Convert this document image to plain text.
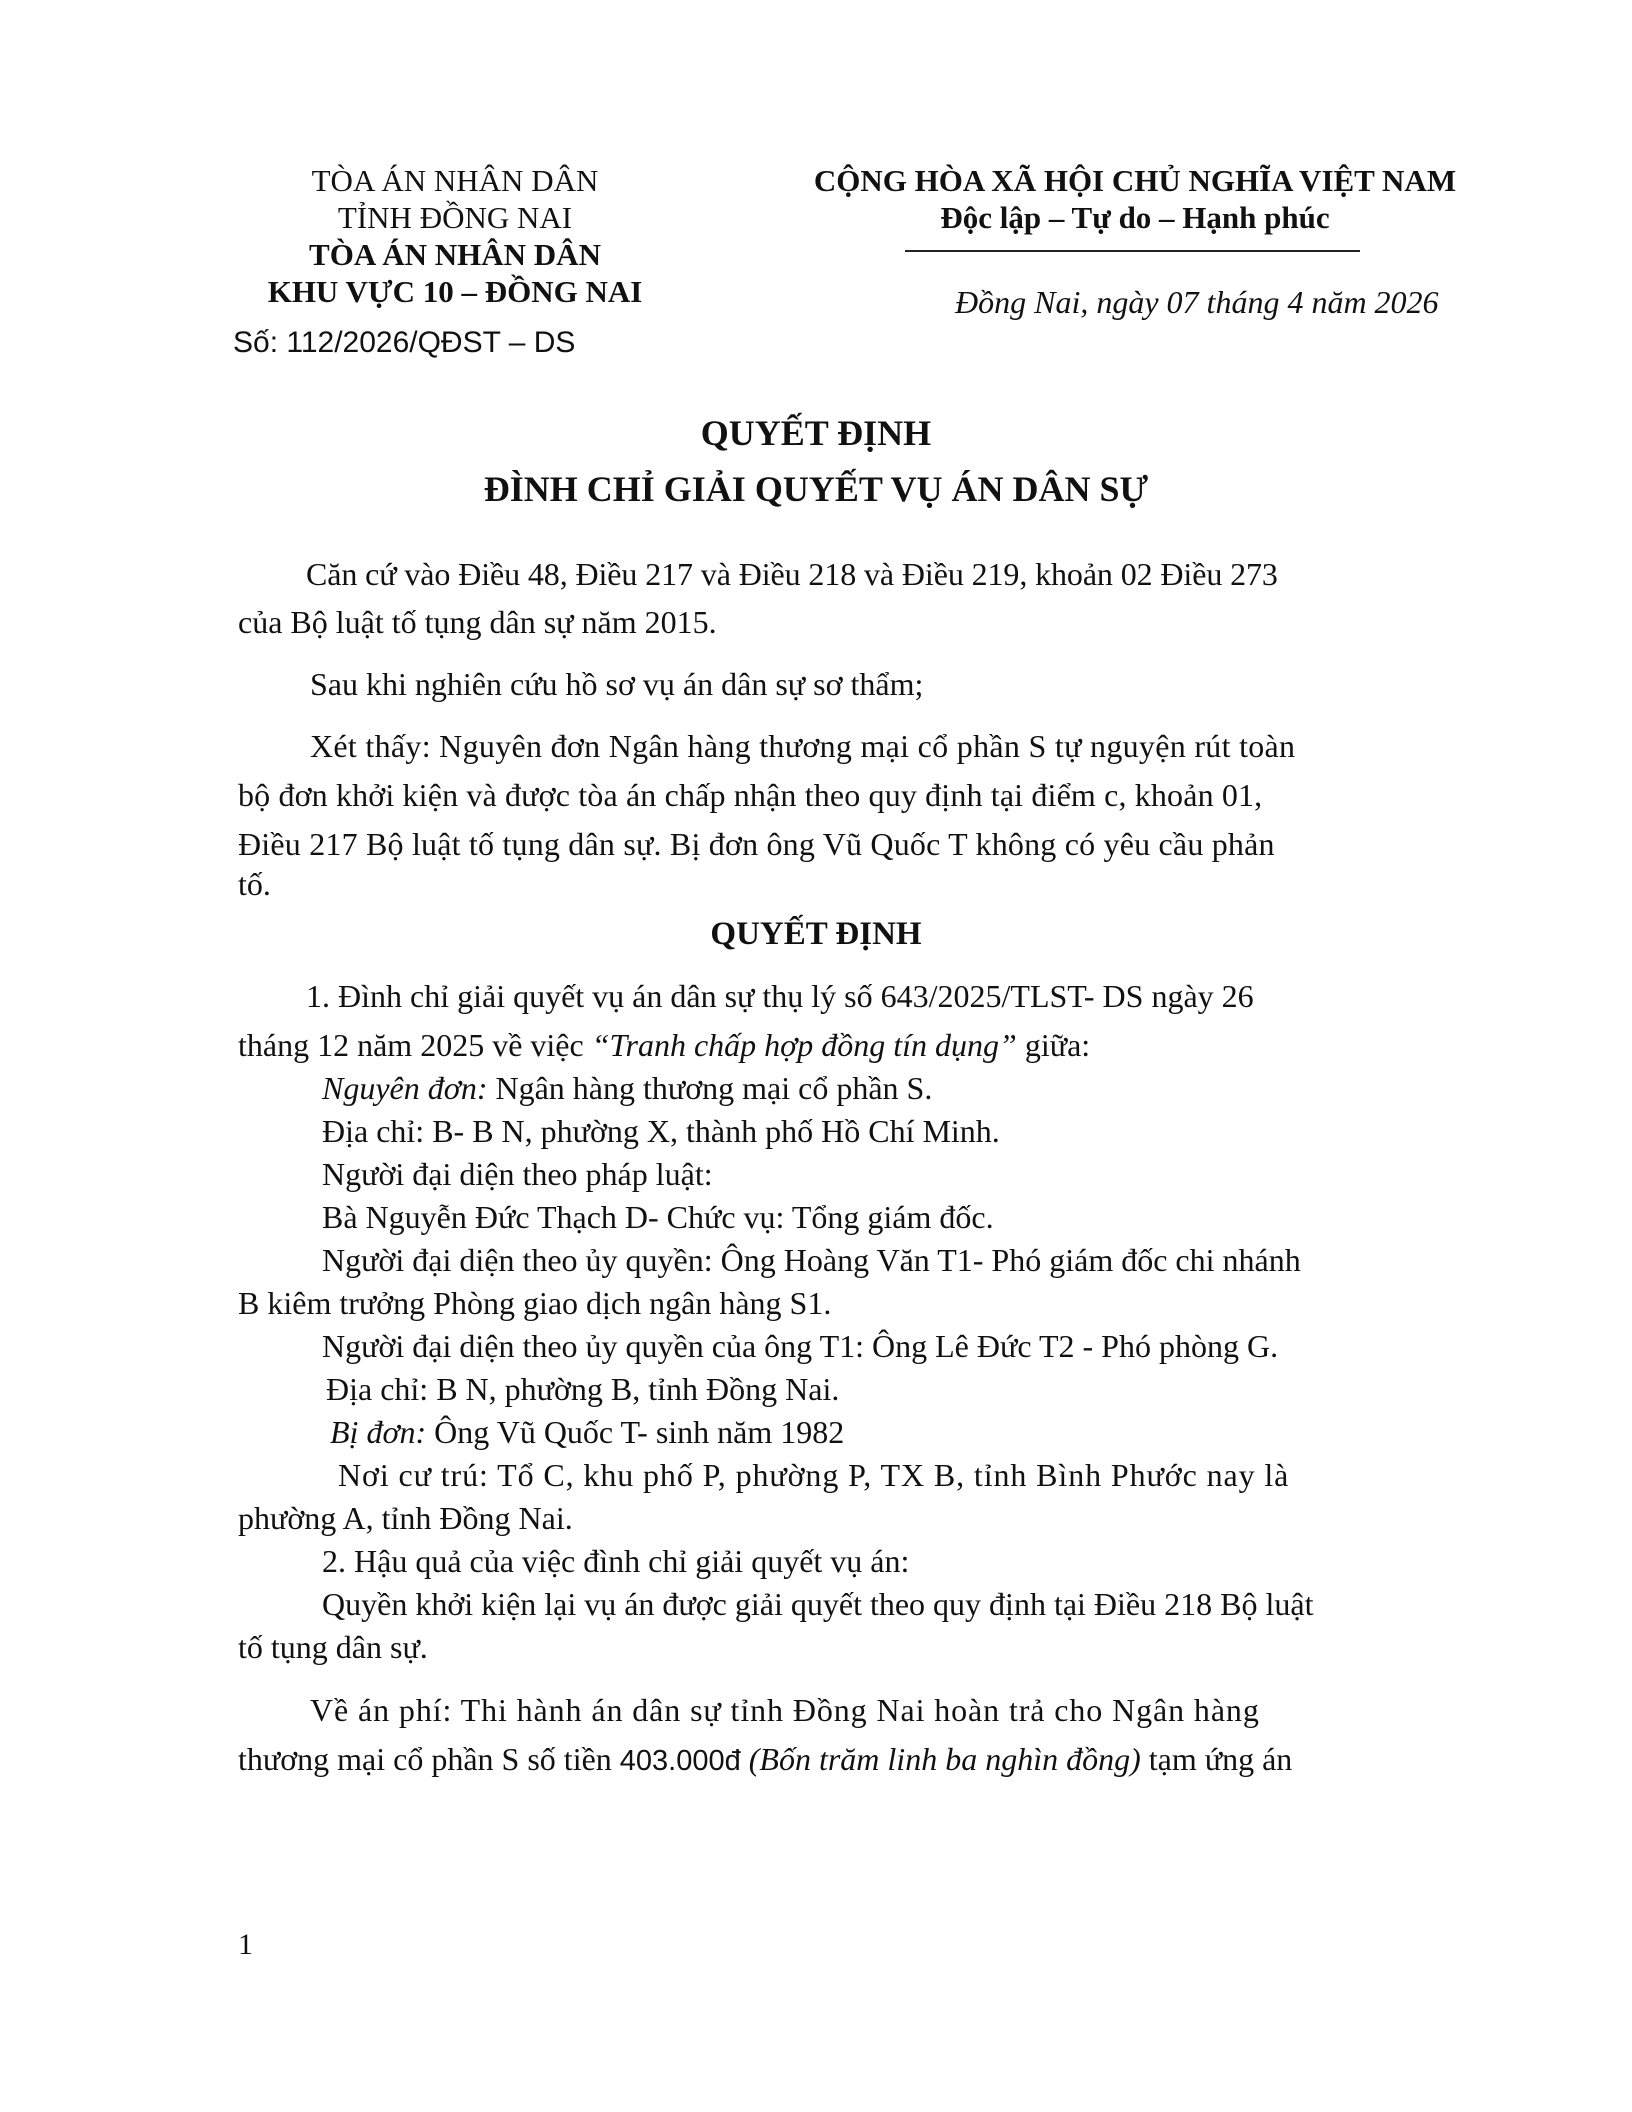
TÒA ÁN NHÂN DÂN
TỈNH ĐỒNG NAI
TÒA ÁN NHÂN DÂN
KHU VỰC 10 – ĐỒNG NAI
Số: 112/2026/QĐST – DS
CỘNG HÒA XÃ HỘI CHỦ NGHĨA VIỆT NAM
Độc lập – Tự do – Hạnh phúc
Đồng Nai, ngày 07 tháng 4 năm 2026
QUYẾT ĐỊNH
ĐÌNH CHỈ GIẢI QUYẾT VỤ ÁN DÂN SỰ
Căn cứ vào Điều 48, Điều 217 và Điều 218 và Điều 219, khoản 02 Điều 273
của Bộ luật tố tụng dân sự năm 2015.
Sau khi nghiên cứu hồ sơ vụ án dân sự sơ thẩm;
Xét thấy: Nguyên đơn Ngân hàng thương mại cổ phần S tự nguyện rút toàn
bộ đơn khởi kiện và được tòa án chấp nhận theo quy định tại điểm c, khoản 01,
Điều 217 Bộ luật tố tụng dân sự. Bị đơn ông Vũ Quốc T không có yêu cầu phản
tố.
QUYẾT ĐỊNH
1. Đình chỉ giải quyết vụ án dân sự thụ lý số 643/2025/TLST- DS ngày 26
tháng 12 năm 2025 về việc “Tranh chấp hợp đồng tín dụng” giữa:
Nguyên đơn: Ngân hàng thương mại cổ phần S.
Địa chỉ: B- B N, phường X, thành phố Hồ Chí Minh.
Người đại diện theo pháp luật:
Bà Nguyễn Đức Thạch D- Chức vụ: Tổng giám đốc.
Người đại diện theo ủy quyền: Ông Hoàng Văn T1- Phó giám đốc chi nhánh
B kiêm trưởng Phòng giao dịch ngân hàng S1.
Người đại diện theo ủy quyền của ông T1: Ông Lê Đức T2 - Phó phòng G.
Địa chỉ: B N, phường B, tỉnh Đồng Nai.
Bị đơn: Ông Vũ Quốc T- sinh năm 1982
Nơi cư trú: Tổ C, khu phố P, phường P, TX B, tỉnh Bình Phước nay là
phường A, tỉnh Đồng Nai.
2. Hậu quả của việc đình chỉ giải quyết vụ án:
Quyền khởi kiện lại vụ án được giải quyết theo quy định tại Điều 218 Bộ luật
tố tụng dân sự.
Về án phí: Thi hành án dân sự tỉnh Đồng Nai hoàn trả cho Ngân hàng
thương mại cổ phần S số tiền 403.000đ (Bốn trăm linh ba nghìn đồng) tạm ứng án
1
